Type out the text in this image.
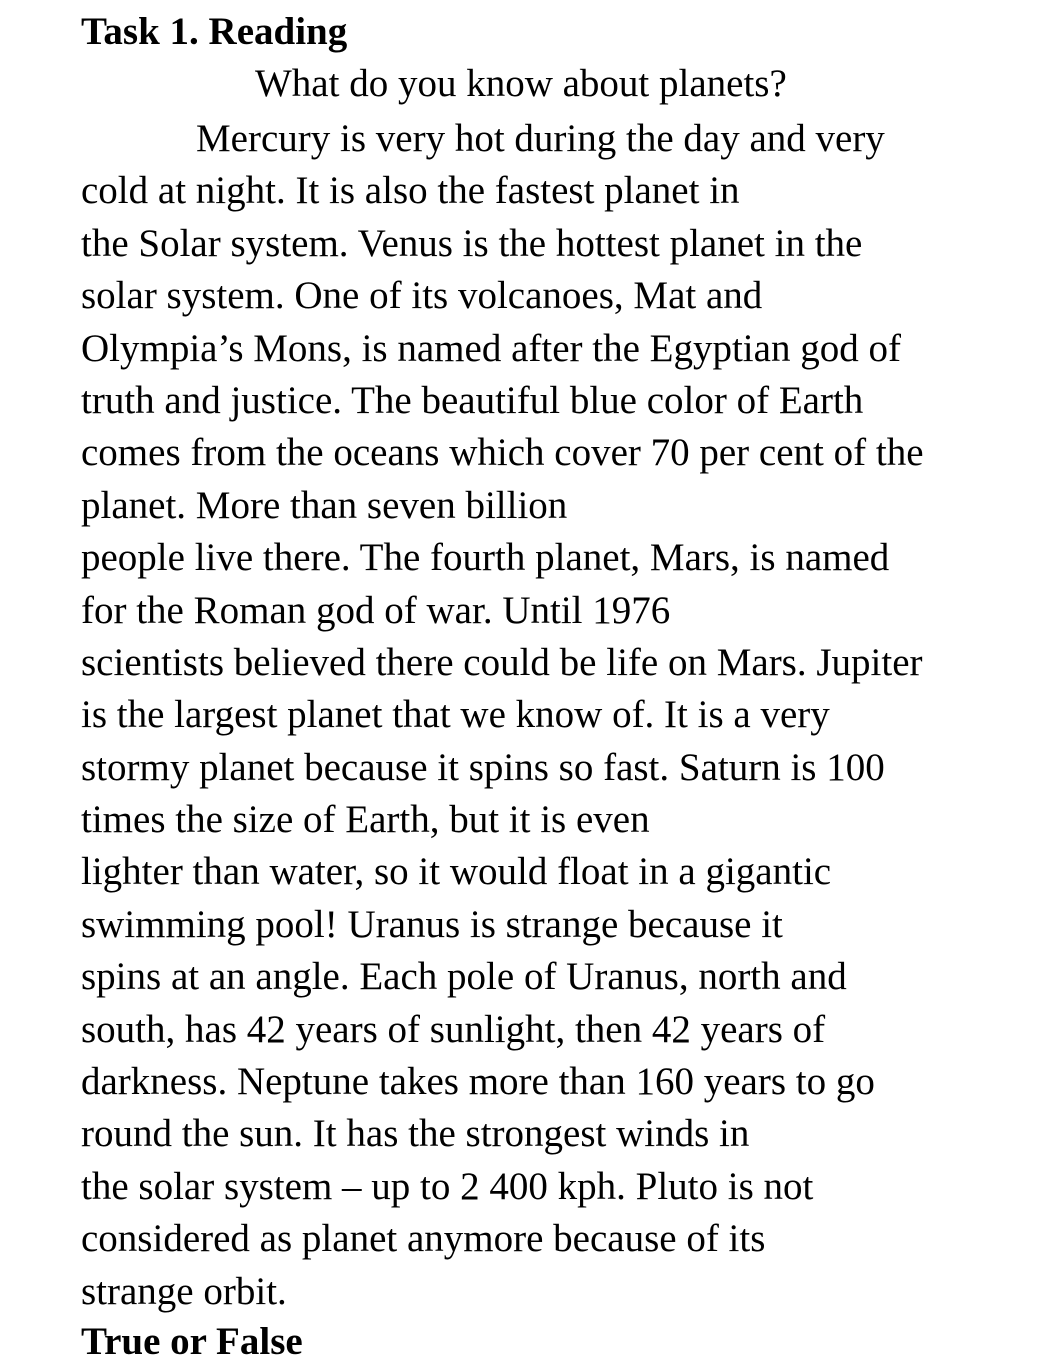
Task 1. Reading
What do you know about planets?
Mercury is very hot during the day and very
cold at night. It is also the fastest planet in
the Solar system. Venus is the hottest planet in the
solar system. One of its volcanoes, Mat and
Olympia’s Mons, is named after the Egyptian god of
truth and justice. The beautiful blue color of Earth
comes from the oceans which cover 70 per cent of the
planet. More than seven billion
people live there. The fourth planet, Mars, is named
for the Roman god of war. Until 1976
scientists believed there could be life on Mars. Jupiter
is the largest planet that we know of. It is a very
stormy planet because it spins so fast. Saturn is 100
times the size of Earth, but it is even
lighter than water, so it would float in a gigantic
swimming pool! Uranus is strange because it
spins at an angle. Each pole of Uranus, north and
south, has 42 years of sunlight, then 42 years of
darkness. Neptune takes more than 160 years to go
round the sun. It has the strongest winds in
the solar system – up to 2 400 kph. Pluto is not
considered as planet anymore because of its
strange orbit.
True or False
